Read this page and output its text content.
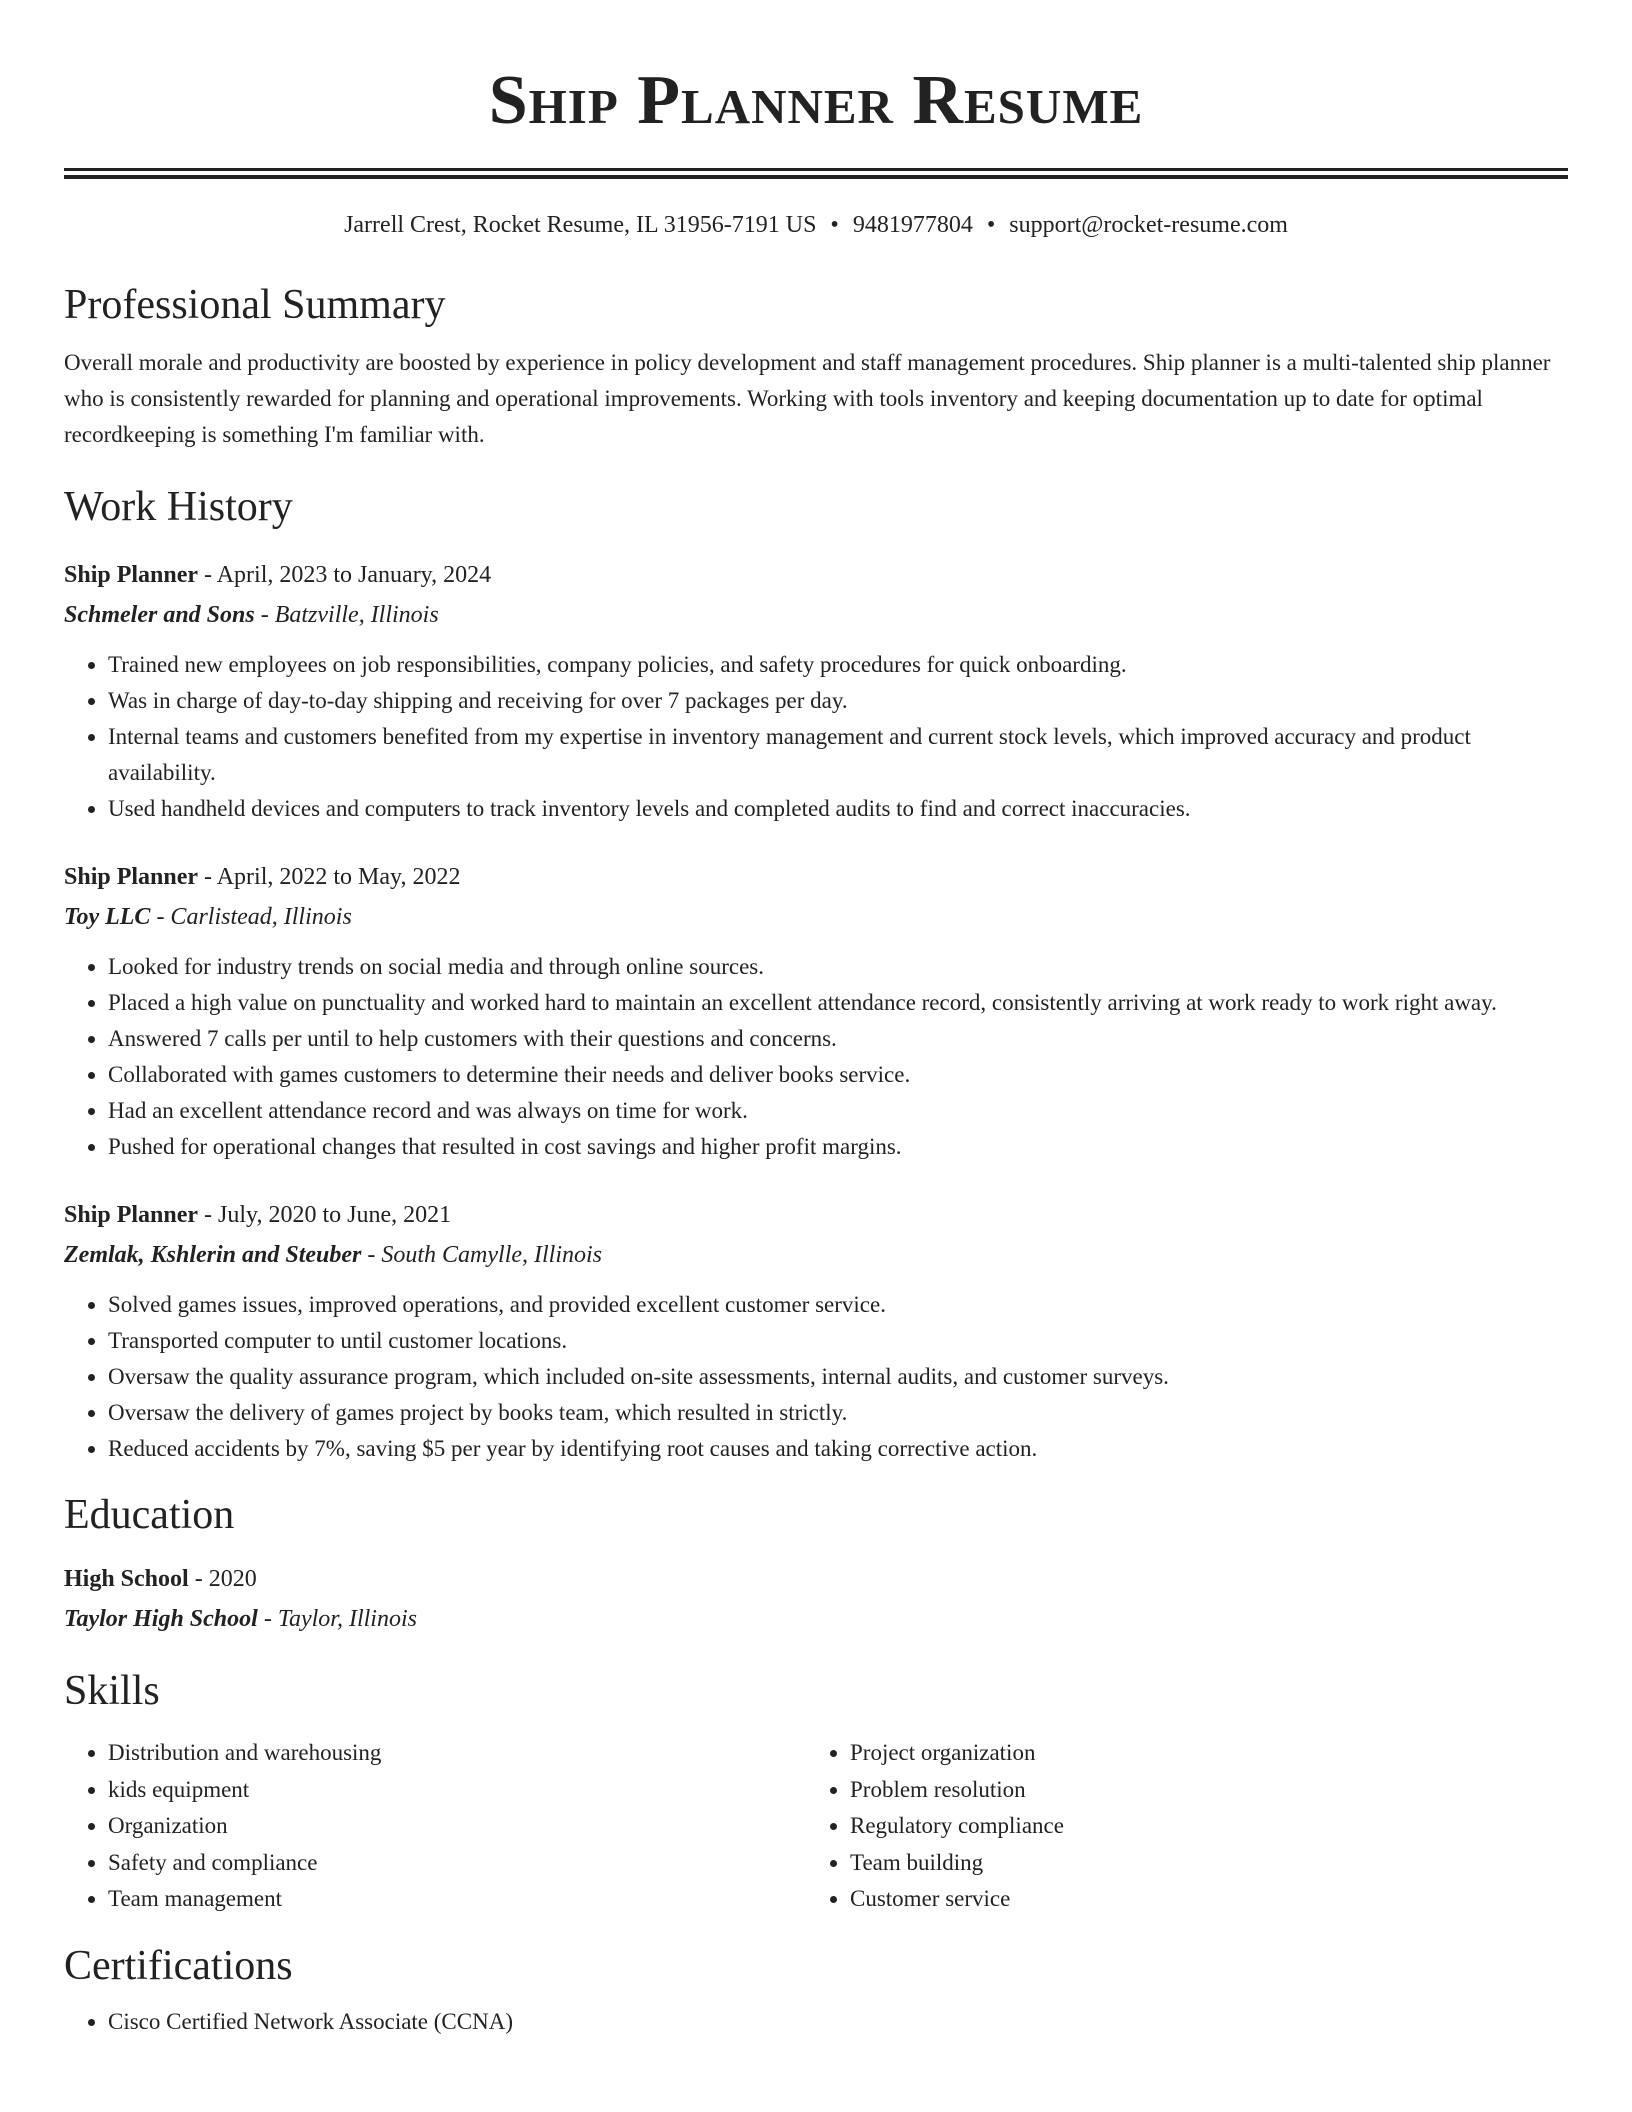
Ship Planner Resume
Jarrell Crest, Rocket Resume, IL 31956-7191 US • 9481977804 • support@rocket-resume.com
Professional Summary

Overall morale and productivity are boosted by experience in policy development and staff management procedures. Ship planner is a multi-talented ship planner who is consistently rewarded for planning and operational improvements. Working with tools inventory and keeping documentation up to date for optimal recordkeeping is something I'm familiar with.

Work History
Ship Planner - April, 2023 to January, 2024
Schmeler and Sons - Batzville, Illinois
• Trained new employees on job responsibilities, company policies, and safety procedures for quick onboarding.
• Was in charge of day-to-day shipping and receiving for over 7 packages per day.
• Internal teams and customers benefited from my expertise in inventory management and current stock levels, which improved accuracy and product availability.
• Used handheld devices and computers to track inventory levels and completed audits to find and correct inaccuracies.
Ship Planner - April, 2022 to May, 2022
Toy LLC - Carlistead, Illinois
• Looked for industry trends on social media and through online sources.
• Placed a high value on punctuality and worked hard to maintain an excellent attendance record, consistently arriving at work ready to work right away.
• Answered 7 calls per until to help customers with their questions and concerns.
• Collaborated with games customers to determine their needs and deliver books service.
• Had an excellent attendance record and was always on time for work.
• Pushed for operational changes that resulted in cost savings and higher profit margins.
Ship Planner - July, 2020 to June, 2021
Zemlak, Kshlerin and Steuber - South Camylle, Illinois
• Solved games issues, improved operations, and provided excellent customer service.
• Transported computer to until customer locations.
• Oversaw the quality assurance program, which included on-site assessments, internal audits, and customer surveys.
• Oversaw the delivery of games project by books team, which resulted in strictly.
• Reduced accidents by 7%, saving $5 per year by identifying root causes and taking corrective action.
Education
High School - 2020
Taylor High School - Taylor, Illinois
Skills
• Distribution and warehousing
• kids equipment
• Organization
• Safety and compliance
• Team management
• Project organization
• Problem resolution
• Regulatory compliance
• Team building
• Customer service
Certifications
• Cisco Certified Network Associate (CCNA)
